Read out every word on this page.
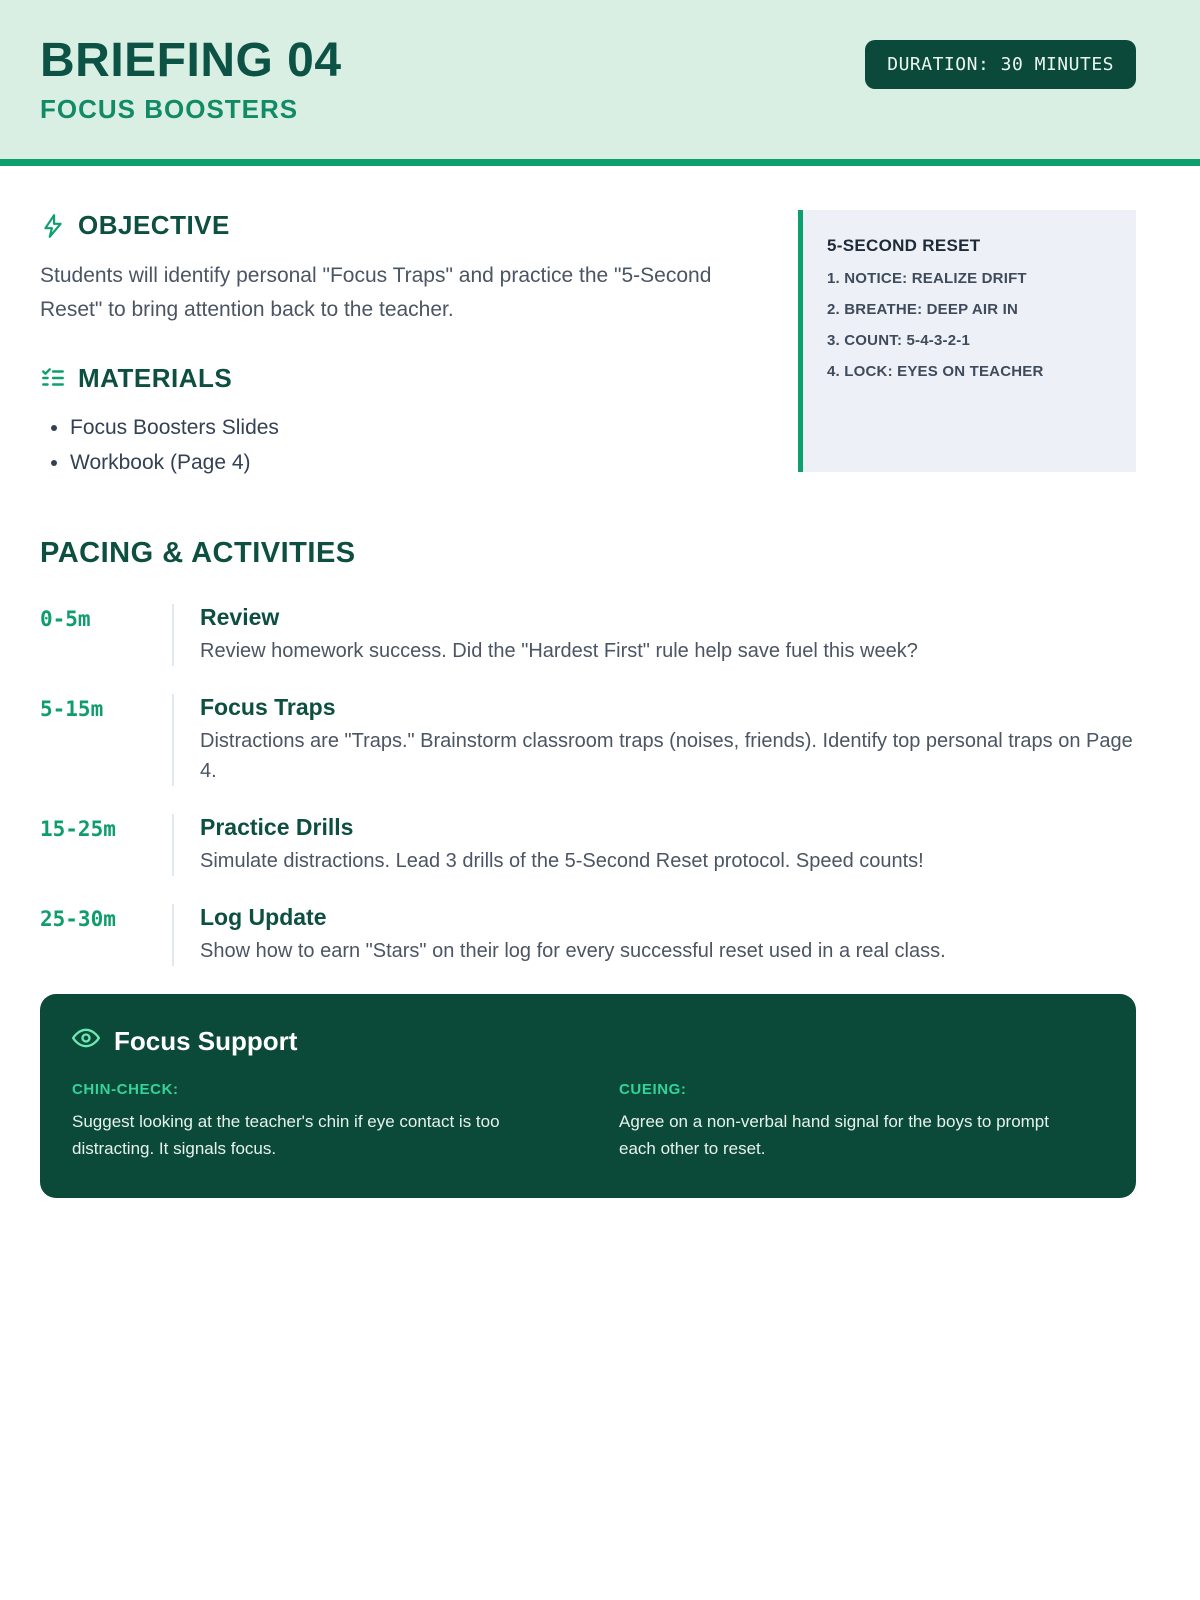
BRIEFING 04
FOCUS BOOSTERS
DURATION: 30 MINUTES
OBJECTIVE

Students will identify personal "Focus Traps" and practice the "5-Second Reset" to bring attention back to the teacher.

MATERIALS
• Focus Boosters Slides
• Workbook (Page 4)
5-SECOND RESET
1. NOTICE: REALIZE DRIFT
2. BREATHE: DEEP AIR IN
3. COUNT: 5-4-3-2-1
4. LOCK: EYES ON TEACHER
PACING & ACTIVITIES
0-5m	Review
Review homework success. Did the "Hardest First" rule help save fuel this week?
5-15m	Focus Traps
Distractions are "Traps." Brainstorm classroom traps (noises, friends). Identify top personal traps on Page 4.
15-25m	Practice Drills
Simulate distractions. Lead 3 drills of the 5-Second Reset protocol. Speed counts!
25-30m	Log Update
Show how to earn "Stars" on their log for every successful reset used in a real class.
Focus Support
CHIN-CHECK:
Suggest looking at the teacher's chin if eye contact is too distracting. It signals focus.
CUEING:
Agree on a non-verbal hand signal for the boys to prompt each other to reset.
